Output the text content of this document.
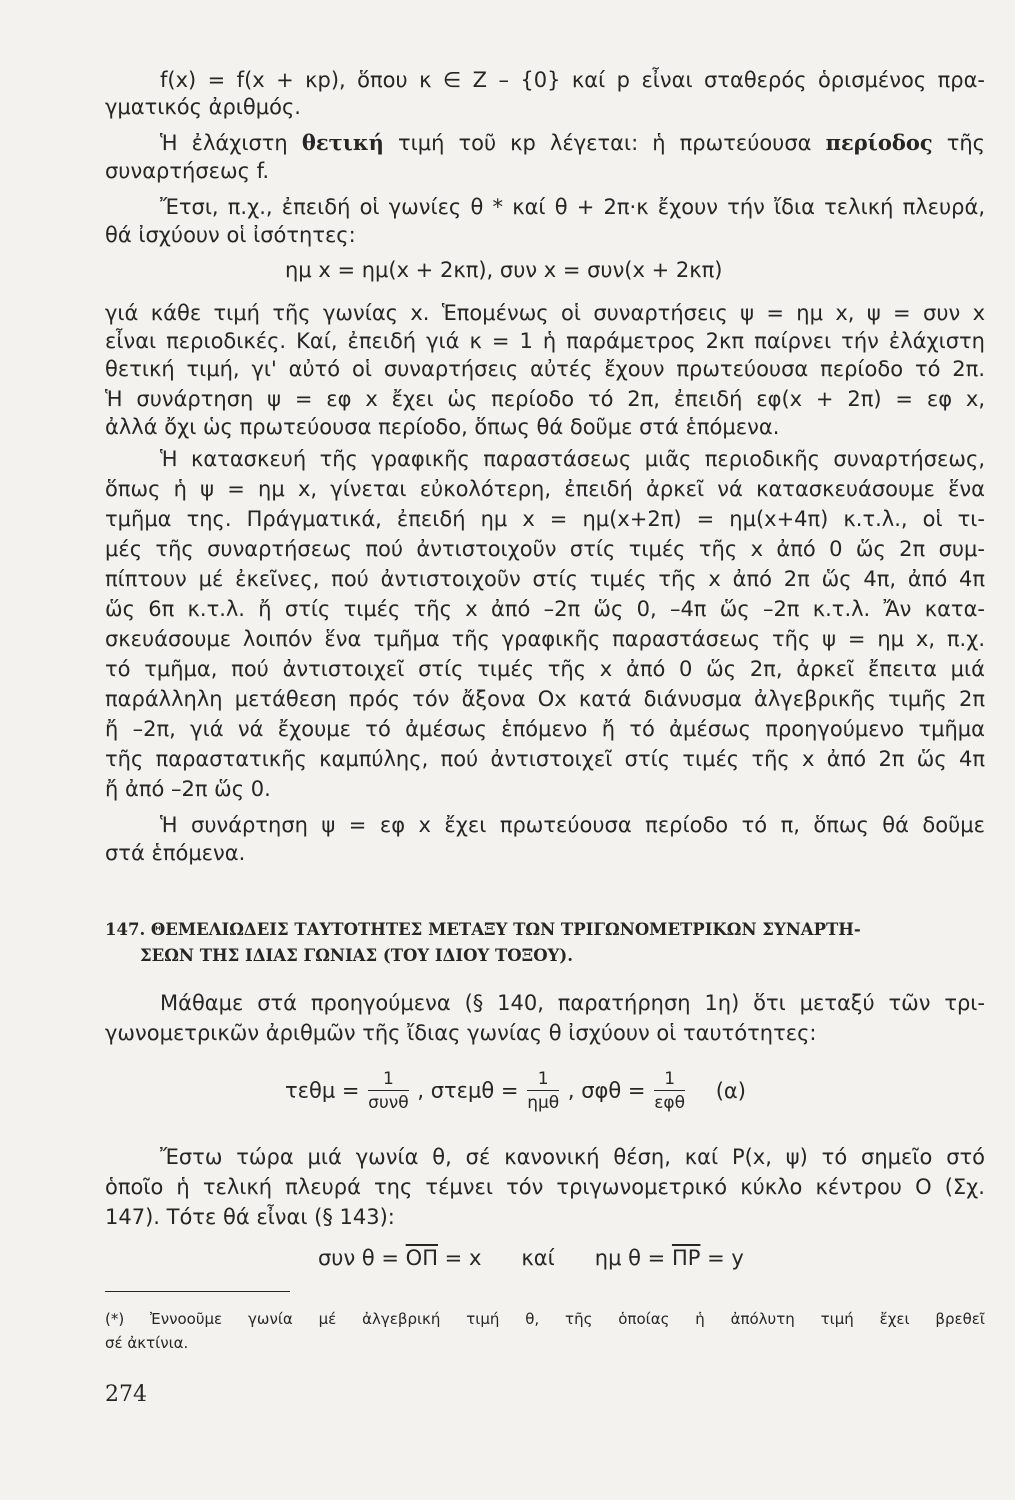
f(x) = f(x + κp), ὅπου κ ∈ Z – {0} καί p εἶναι σταθερός ὁρισμένος πρα-
γματικός ἀριθμός.
Ἡ ἐλάχιστη θετική τιμή τοῦ κp λέγεται: ἡ πρωτεύουσα περίοδος τῆς
συναρτήσεως f.
Ἔτσι, π.χ., ἐπειδή οἱ γωνίες θ * καί θ + 2π·κ ἔχουν τήν ἴδια τελική πλευρά,
θά ἰσχύουν οἱ ἰσότητες:
ημ x = ημ(x + 2κπ), συν x = συν(x + 2κπ)
γιά κάθε τιμή τῆς γωνίας x. Ἑπομένως οἱ συναρτήσεις ψ = ημ x, ψ = συν x
εἶναι περιοδικές. Καί, ἐπειδή γιά κ = 1 ἡ παράμετρος 2κπ παίρνει τήν ἐλάχιστη
θετική τιμή, γι' αὐτό οἱ συναρτήσεις αὐτές ἔχουν πρωτεύουσα περίοδο τό 2π.
Ἡ συνάρτηση ψ = εφ x ἔχει ὡς περίοδο τό 2π, ἐπειδή εφ(x + 2π) = εφ x,
ἀλλά ὄχι ὡς πρωτεύουσα περίοδο, ὅπως θά δοῦμε στά ἑπόμενα.
Ἡ κατασκευή τῆς γραφικῆς παραστάσεως μιᾶς περιοδικῆς συναρτήσεως,
ὅπως ἡ ψ = ημ x, γίνεται εὐκολότερη, ἐπειδή ἀρκεῖ νά κατασκευάσουμε ἕνα
τμῆμα της. Πράγματικά, ἐπειδή ημ x = ημ(x+2π) = ημ(x+4π) κ.τ.λ., οἱ τι-
μές τῆς συναρτήσεως πού ἀντιστοιχοῦν στίς τιμές τῆς x ἀπό 0 ὥς 2π συμ-
πίπτουν μέ ἐκεῖνες, πού ἀντιστοιχοῦν στίς τιμές τῆς x ἀπό 2π ὥς 4π, ἀπό 4π
ὥς 6π κ.τ.λ. ἤ στίς τιμές τῆς x ἀπό –2π ὥς 0, –4π ὥς –2π κ.τ.λ. Ἄν κατα-
σκευάσουμε λοιπόν ἕνα τμῆμα τῆς γραφικῆς παραστάσεως τῆς ψ = ημ x, π.χ.
τό τμῆμα, πού ἀντιστοιχεῖ στίς τιμές τῆς x ἀπό 0 ὥς 2π, ἀρκεῖ ἔπειτα μιά
παράλληλη μετάθεση πρός τόν ἄξονα Ox κατά διάνυσμα ἀλγεβρικῆς τιμῆς 2π
ἤ –2π, γιά νά ἔχουμε τό ἀμέσως ἑπόμενο ἤ τό ἀμέσως προηγούμενο τμῆμα
τῆς παραστατικῆς καμπύλης, πού ἀντιστοιχεῖ στίς τιμές τῆς x ἀπό 2π ὥς 4π
ἤ ἀπό –2π ὥς 0.
Ἡ συνάρτηση ψ = εφ x ἔχει πρωτεύουσα περίοδο τό π, ὅπως θά δοῦμε
στά ἑπόμενα.
147. ΘΕΜΕΛΙΩΔΕΙΣ ΤΑΥΤΟΤΗΤΕΣ ΜΕΤΑΞΥ ΤΩΝ ΤΡΙΓΩΝΟΜΕΤΡΙΚΩΝ ΣΥΝΑΡΤΗ-
ΣΕΩΝ ΤΗΣ ΙΔΙΑΣ ΓΩΝΙΑΣ (ΤΟΥ ΙΔΙΟΥ ΤΟΞΟΥ).
Μάθαμε στά προηγούμενα (§ 140, παρατήρηση 1η) ὅτι μεταξύ τῶν τρι-
γωνομετρικῶν ἀριθμῶν τῆς ἴδιας γωνίας θ ἰσχύουν οἱ ταυτότητες:
$\tau\varepsilon\theta\mu = \frac{1}{\text{συνθ}}$ , $\sigma\tau\varepsilon\mu\theta = \frac{1}{\text{ημθ}}$ , $\sigma\varphi\theta = \frac{1}{\text{εφθ}} (\alpha)$
Ἔστω τώρα μιά γωνία θ, σέ κανονική θέση, καί P(x, ψ) τό σημεῖο στό
ὁποῖο ἡ τελική πλευρά της τέμνει τόν τριγωνομετρικό κύκλο κέντρου O (Σχ.
147). Τότε θά εἶναι (§ 143):
συν $\theta = \overline{O\Pi} = x$      καί      ημ $\theta = \overline{\Pi P} = y$
(*) Ἐννοοῦμε γωνία μέ ἀλγεβρική τιμή θ, τῆς ὁποίας ἡ ἀπόλυτη τιμή ἔχει βρεθεῖ
σέ ἀκτίνια.
274
